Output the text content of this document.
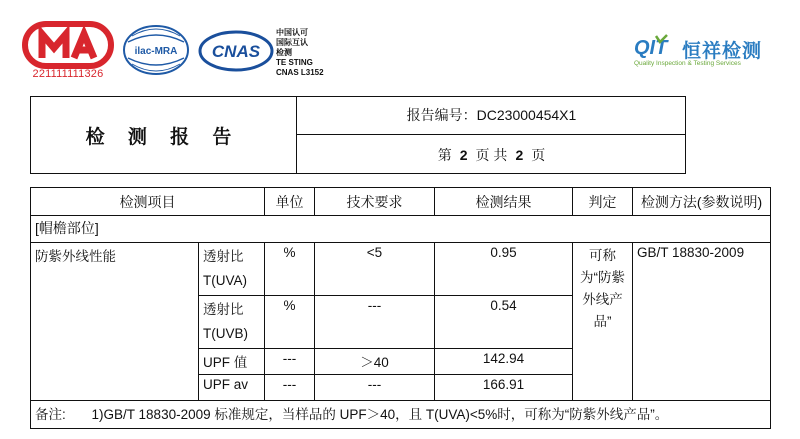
221111111326
ilac-MRA CNAS
中国认可
国际互认
检测
TE STING
CNAS L3152
QIT 恒祥检测
Quality Inspection & Testing Services
检 测 报 告
报告编号： DC23000454X1
第 2 页 共 2 页
检测项目		单位	技术要求	检测结果	判定	检测方法(参数说明)
[帽檐部位]						
防紫外线性能	透射比 T(UVA)	%	<5	0.95	可称为“防紫外线产品”	GB/T 18830-2009
	透射比 T(UVB)	%	---	0.54		
	UPF 值	---	＞40	142.94		
	UPF av	---	---	166.91		
备注: 1)GB/T 18830-2009 标准规定，当样品的 UPF＞40，且 T(UVA)<5%时，可称为“防紫外线产品”。						
